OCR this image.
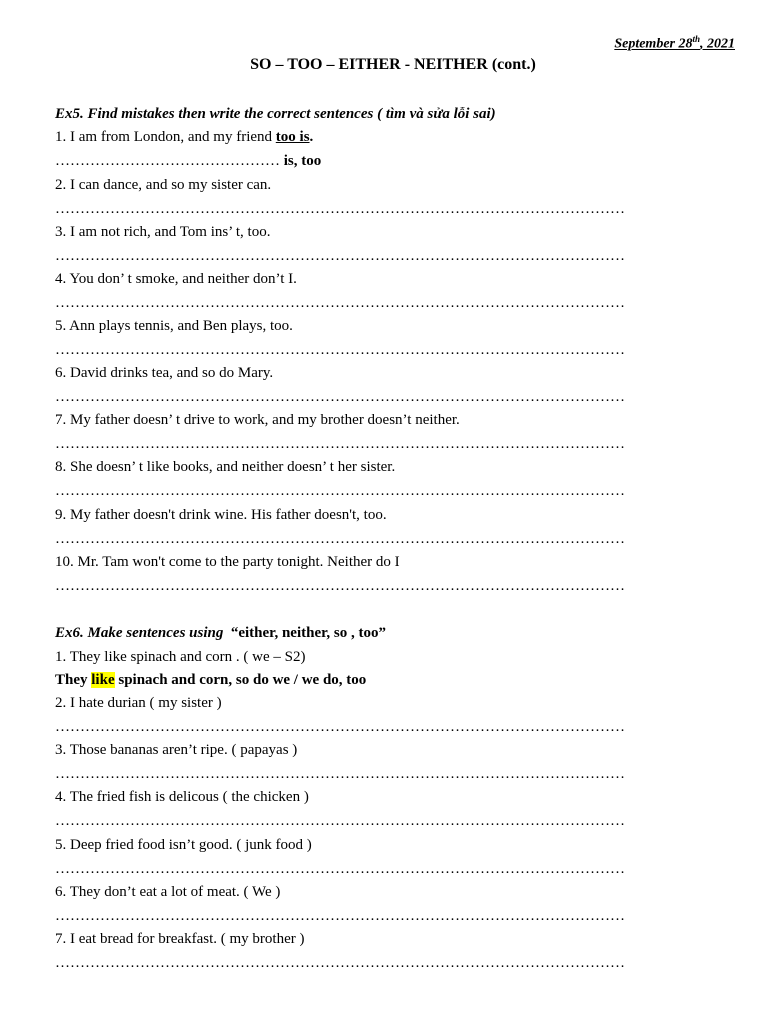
September 28th, 2021
SO – TOO – EITHER - NEITHER (cont.)
Ex5. Find mistakes then write the correct sentences ( tìm và sửa lỗi sai)
1. I am from London, and my friend too is.
……………………………………… is, too
2. I can dance, and so my sister can.
……………………………………………………………………………………………………
3. I am not rich, and Tom ins’ t, too.
……………………………………………………………………………………………………
4. You don’ t smoke, and neither don’t I.
……………………………………………………………………………………………………
5. Ann plays tennis, and Ben plays, too.
……………………………………………………………………………………………………
6. David drinks tea, and so do Mary.
……………………………………………………………………………………………………
7. My father doesn’ t drive to work, and my brother doesn’t neither.
……………………………………………………………………………………………………
8. She doesn’ t like books, and neither doesn’ t her sister.
……………………………………………………………………………………………………
9. My father doesn't drink wine. His father doesn't, too.
……………………………………………………………………………………………………
10. Mr. Tam won't come to the party tonight. Neither do I
……………………………………………………………………………………………………
Ex6. Make sentences using “either, neither, so , too”
1. They like spinach and corn . ( we – S2)
They like spinach and corn, so do we / we do, too
2. I hate durian ( my sister )
……………………………………………………………………………………………………
3. Those bananas aren’t ripe. ( papayas )
……………………………………………………………………………………………………
4. The fried fish is delicous ( the chicken )
……………………………………………………………………………………………………
5. Deep fried food isn’t good. ( junk food )
……………………………………………………………………………………………………
6. They don’t eat a lot of meat. ( We )
……………………………………………………………………………………………………
7. I eat bread for breakfast. ( my brother )
……………………………………………………………………………………………………
